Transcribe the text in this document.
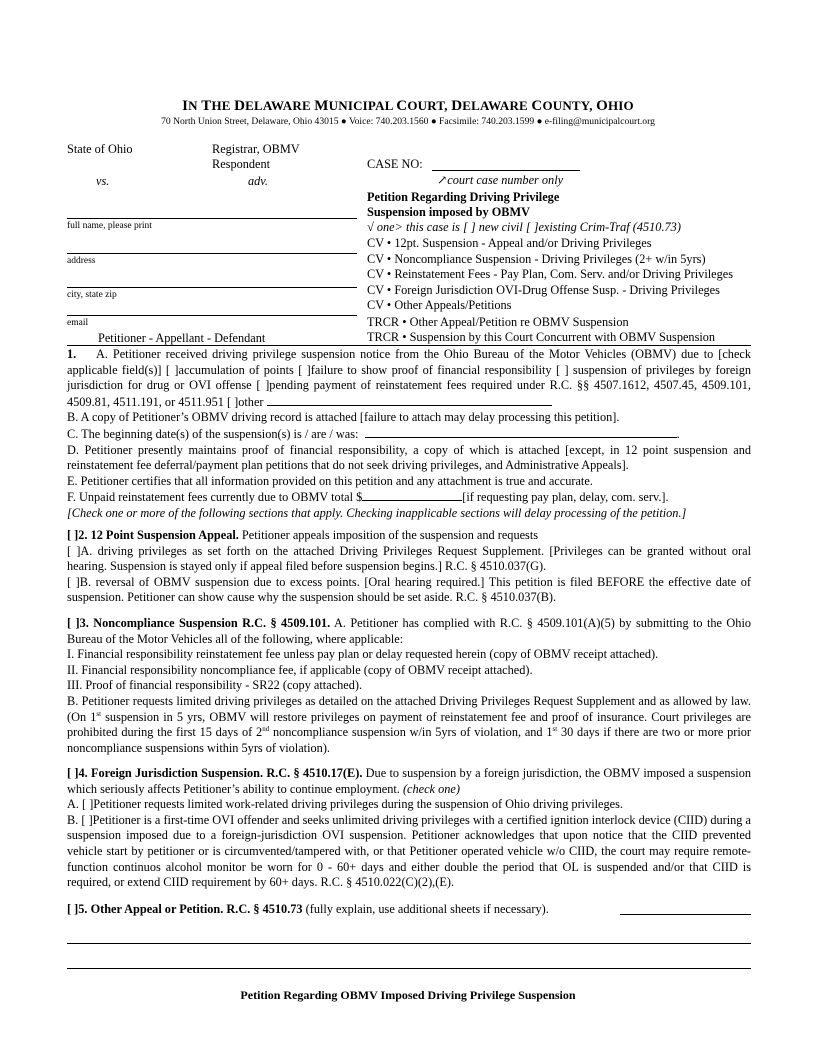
IN THE DELAWARE MUNICIPAL COURT, DELAWARE COUNTY, OHIO
70 North Union Street, Delaware, Ohio 43015 ● Voice: 740.203.1560 ● Facsimile: 740.203.1599 ● e-filing@municipalcourt.org
State of Ohio
vs.
Registrar, OBMV
Respondent
adv.
full name, please print
address
city, state zip
email
Petitioner - Appellant - Defendant
CASE NO:
↗court case number only
Petition Regarding Driving Privilege
Suspension imposed by OBMV
√ one> this case is [ ] new civil [ ]existing Crim-Traf (4510.73)
CV • 12pt. Suspension - Appeal and/or Driving Privileges
CV • Noncompliance Suspension - Driving Privileges (2+ w/in 5yrs)
CV • Reinstatement Fees - Pay Plan, Com. Serv. and/or Driving Privileges
CV • Foreign Jurisdiction OVI-Drug Offense Susp. - Driving Privileges
CV • Other Appeals/Petitions
TRCR • Other Appeal/Petition re OBMV Suspension
TRCR • Suspension by this Court Concurrent with OBMV Suspension

1. A. Petitioner received driving privilege suspension notice from the Ohio Bureau of the Motor Vehicles (OBMV) due to [check applicable field(s)] [ ]accumulation of points [ ]failure to show proof of financial responsibility [ ] suspension of privileges by foreign jurisdiction for drug or OVI offense [ ]pending payment of reinstatement fees required under R.C. §§ 4507.1612, 4507.45, 4509.101, 4509.81, 4511.191, or 4511.951 [ ]other

B. A copy of Petitioner’s OBMV driving record is attached [failure to attach may delay processing this petition].

C. The beginning date(s) of the suspension(s) is / are / was:	.

D. Petitioner presently maintains proof of financial responsibility, a copy of which is attached [except, in 12 point suspension and reinstatement fee deferral/payment plan petitions that do not seek driving privileges, and Administrative Appeals].

E. Petitioner certifies that all information provided on this petition and any attachment is true and accurate.

F. Unpaid reinstatement fees currently due to OBMV total $	[if requesting pay plan, delay, com. serv.].

[Check one or more of the following sections that apply. Checking inapplicable sections will delay processing of the petition.]

[ ]2. 12 Point Suspension Appeal. Petitioner appeals imposition of the suspension and requests

[ ]A. driving privileges as set forth on the attached Driving Privileges Request Supplement. [Privileges can be granted without oral hearing. Suspension is stayed only if appeal filed before suspension begins.] R.C. § 4510.037(G).

[ ]B. reversal of OBMV suspension due to excess points. [Oral hearing required.] This petition is filed BEFORE the effective date of suspension. Petitioner can show cause why the suspension should be set aside. R.C. § 4510.037(B).

[ ]3. Noncompliance Suspension R.C. § 4509.101. A. Petitioner has complied with R.C. § 4509.101(A)(5) by submitting to the Ohio Bureau of the Motor Vehicles all of the following, where applicable:

I. Financial responsibility reinstatement fee unless pay plan or delay requested herein (copy of OBMV receipt attached).

II. Financial responsibility noncompliance fee, if applicable (copy of OBMV receipt attached).

III. Proof of financial responsibility - SR22 (copy attached).

B. Petitioner requests limited driving privileges as detailed on the attached Driving Privileges Request Supplement and as allowed by law. (On 1st suspension in 5 yrs, OBMV will restore privileges on payment of reinstatement fee and proof of insurance. Court privileges are prohibited during the first 15 days of 2nd noncompliance suspension w/in 5yrs of violation, and 1st 30 days if there are two or more prior noncompliance suspensions within 5yrs of violation).

[ ]4. Foreign Jurisdiction Suspension. R.C. § 4510.17(E). Due to suspension by a foreign jurisdiction, the OBMV imposed a suspension which seriously affects Petitioner’s ability to continue employment. (check one)

A. [ ]Petitioner requests limited work-related driving privileges during the suspension of Ohio driving privileges.

B. [ ]Petitioner is a first-time OVI offender and seeks unlimited driving privileges with a certified ignition interlock device (CIID) during a suspension imposed due to a foreign-jurisdiction OVI suspension. Petitioner acknowledges that upon notice that the CIID prevented vehicle start by petitioner or is circumvented/tampered with, or that Petitioner operated vehicle w/o CIID, the court may require remote-function continuos alcohol monitor be worn for 0 - 60+ days and either double the period that OL is suspended and/or that CIID is required, or extend CIID requirement by 60+ days. R.C. § 4510.022(C)(2),(E).

[ ]5. Other Appeal or Petition. R.C. § 4510.73 (fully explain, use additional sheets if necessary).
Petition Regarding OBMV Imposed Driving Privilege Suspension
